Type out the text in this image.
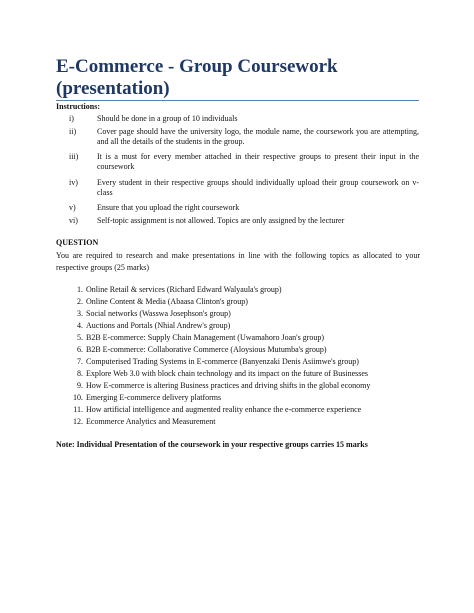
E-Commerce - Group Coursework (presentation)
Instructions:
i)	Should be done in a group of 10 individuals
ii)	Cover page should have the university logo, the module name, the coursework you are attempting, and all the details of the students in the group.
iii) It is a must for every member attached in their respective groups to present their input in the coursework
iv) Every student in their respective groups should individually upload their group coursework on v-class
v)	Ensure that you upload the right coursework
vi) Self-topic assignment is not allowed. Topics are only assigned by the lecturer
QUESTION
You are required to research and make presentations in line with the following topics as allocated to your respective groups (25 marks)
1. Online Retail & services (Richard Edward Walyaula's group)
2. Online Content & Media (Abaasa Clinton's group)
3. Social networks (Wasswa Josephson's group)
4. Auctions and Portals (Nhial Andrew's group)
5. B2B E-commerce: Supply Chain Management (Uwamahoro Joan's group)
6. B2B E-commerce: Collaborative Commerce (Aloysious Mutumba's group)
7. Computerised Trading Systems in E-commerce (Banyenzaki Denis Asiimwe's group)
8. Explore Web 3.0 with block chain technology and its impact on the future of Businesses
9. How E-commerce is altering Business practices and driving shifts in the global economy
10. Emerging E-commerce delivery platforms
11. How artificial intelligence and augmented reality enhance the e-commerce experience
12. Ecommerce Analytics and Measurement
Note: Individual Presentation of the coursework in your respective groups carries 15 marks
